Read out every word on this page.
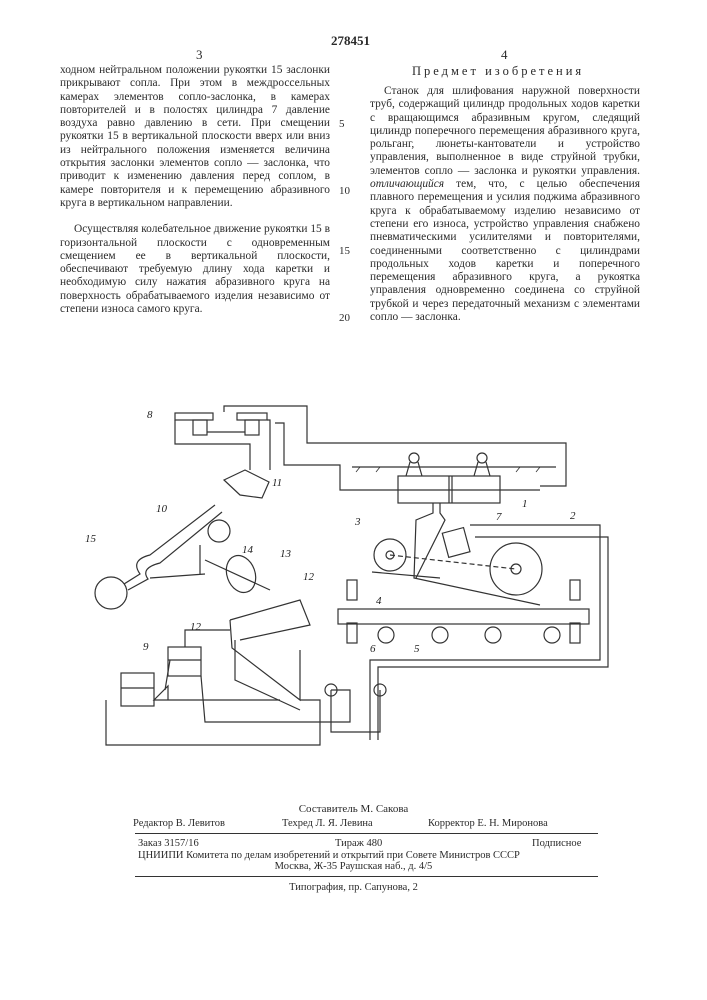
278451
3	4

ходном нейтральном положении рукоятки 15 заслонки прикрывают сопла. При этом в междроссельных камерах элементов сопло-заслонка, в камерах повторителей и в полостях цилиндра 7 давление воздуха равно давлению в сети. При смещении рукоятки 15 в вертикальной плоскости вверх или вниз из нейтрального положения изменяется величина открытия заслонки элементов сопло — заслонка, что приводит к изменению давления перед соплом, в камере повторителя и к перемещению абразивного круга в вертикальном направлении.

Осуществляя колебательное движение рукоятки 15 в горизонтальной плоскости с одновременным смещением ее в вертикальной плоскости, обеспечивают требуемую длину хода каретки и необходимую силу нажатия абразивного круга на поверхность обрабатываемого изделия независимо от степени износа самого круга.

5
10
15
20
Предмет изобретения

Станок для шлифования наружной поверхности труб, содержащий цилиндр продольных ходов каретки с вращающимся абразивным кругом, следящий цилиндр поперечного перемещения абразивного круга, рольганг, люнеты-кантователи и устройство управления, выполненное в виде струйной трубки, элементов сопло — заслонка и рукоятки управления. отличающийся тем, что, с целью обеспечения плавного перемещения и усилия поджима абразивного круга к обрабатываемому изделию независимо от степени его износа, устройство управления снабжено пневматическими усилителями и повторителями, соединенными соответственно с цилиндрами продольных ходов каретки и поперечного перемещения абразивного круга, а рукоятка управления одновременно соединена со струйной трубкой и через передаточный механизм с элементами сопло — заслонка.

8
11
10
15
14 13
12
12
9
1
2
3
4
5
6
7
Составитель М. Сакова
Редактор В. Левитов	Техред Л. Я. Левина	Корректор Е. Н. Миронова
Заказ 3157/16	Тираж 480	Подписное
ЦНИИПИ Комитета по делам изобретений и открытий при Совете Министров СССР
Москва, Ж-35 Раушская наб., д. 4/5
Типография, пр. Сапунова, 2
